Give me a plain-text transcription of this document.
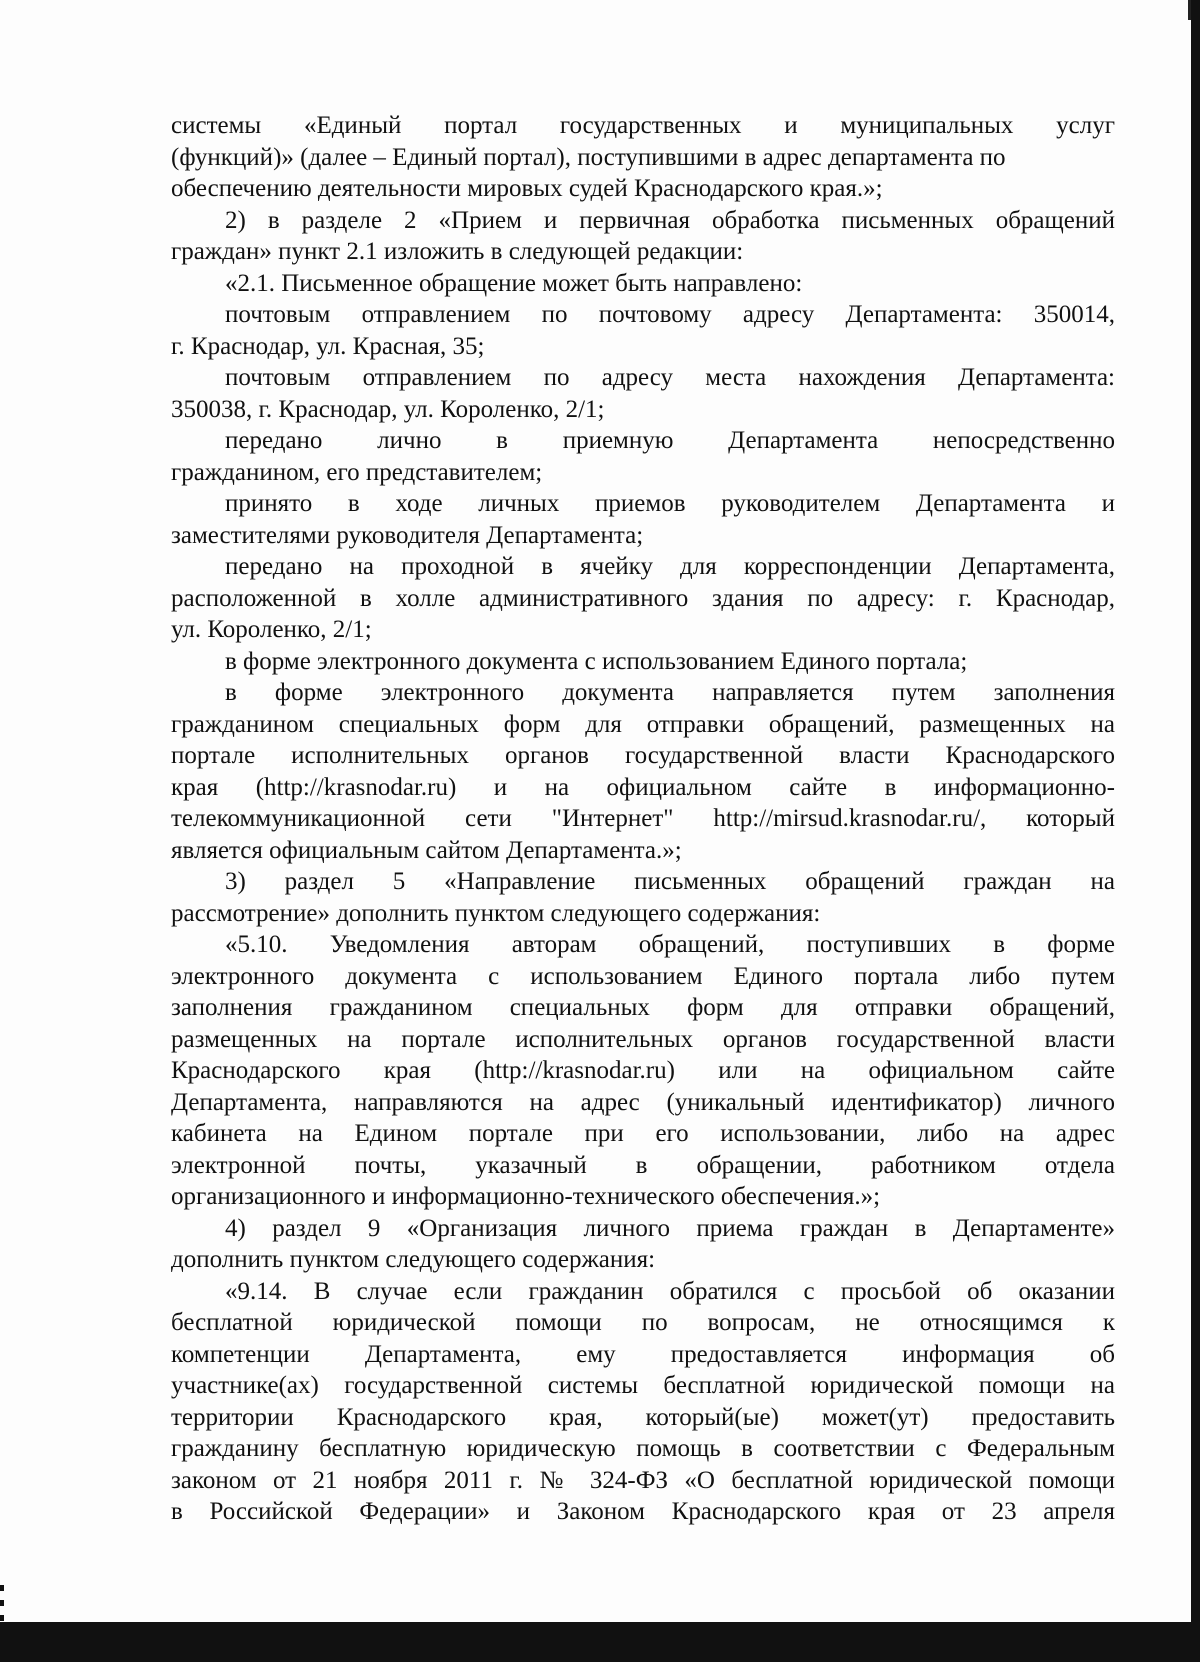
системы «Единый портал государственных и муниципальных услуг
(функций)» (далее – Единый портал), поступившими в адрес департамента по
обеспечению деятельности мировых судей Краснодарского края.»;
2) в разделе 2 «Прием и первичная обработка письменных обращений
граждан» пункт 2.1 изложить в следующей редакции:
«2.1. Письменное обращение может быть направлено:
почтовым отправлением по почтовому адресу Департамента: 350014,
г. Краснодар, ул. Красная, 35;
почтовым отправлением по адресу места нахождения Департамента:
350038, г. Краснодар, ул. Короленко, 2/1;
передано лично в приемную Департамента непосредственно
гражданином, его представителем;
принято в ходе личных приемов руководителем Департамента и
заместителями руководителя Департамента;
передано на проходной в ячейку для корреспонденции Департамента,
расположенной в холле административного здания по адресу: г. Краснодар,
ул. Короленко, 2/1;
в форме электронного документа с использованием Единого портала;
в форме электронного документа направляется путем заполнения
гражданином специальных форм для отправки обращений, размещенных на
портале исполнительных органов государственной власти Краснодарского
края (http://krasnodar.ru) и на официальном сайте в информационно-
телекоммуникационной сети "Интернет" http://mirsud.krasnodar.ru/, который
является официальным сайтом Департамента.»;
3) раздел 5 «Направление письменных обращений граждан на
рассмотрение» дополнить пунктом следующего содержания:
«5.10. Уведомления авторам обращений, поступивших в форме
электронного документа с использованием Единого портала либо путем
заполнения гражданином специальных форм для отправки обращений,
размещенных на портале исполнительных органов государственной власти
Краснодарского края (http://krasnodar.ru) или на официальном сайте
Департамента, направляются на адрес (уникальный идентификатор) личного
кабинета на Едином портале при его использовании, либо на адрес
электронной почты, указачный в обращении, работником отдела
организационного и информационно-технического обеспечения.»;
4) раздел 9 «Организация личного приема граждан в Департаменте»
дополнить пунктом следующего содержания:
«9.14. В случае если гражданин обратился с просьбой об оказании
бесплатной юридической помощи по вопросам, не относящимся к
компетенции Департамента, ему предоставляется информация об
участнике(ах) государственной системы бесплатной юридической помощи на
территории Краснодарского края, который(ые) может(ут) предоставить
гражданину бесплатную юридическую помощь в соответствии с Федеральным
законом от 21 ноября 2011 г. № 324-ФЗ «О бесплатной юридической помощи
в Российской Федерации» и Законом Краснодарского края от 23 апреля
